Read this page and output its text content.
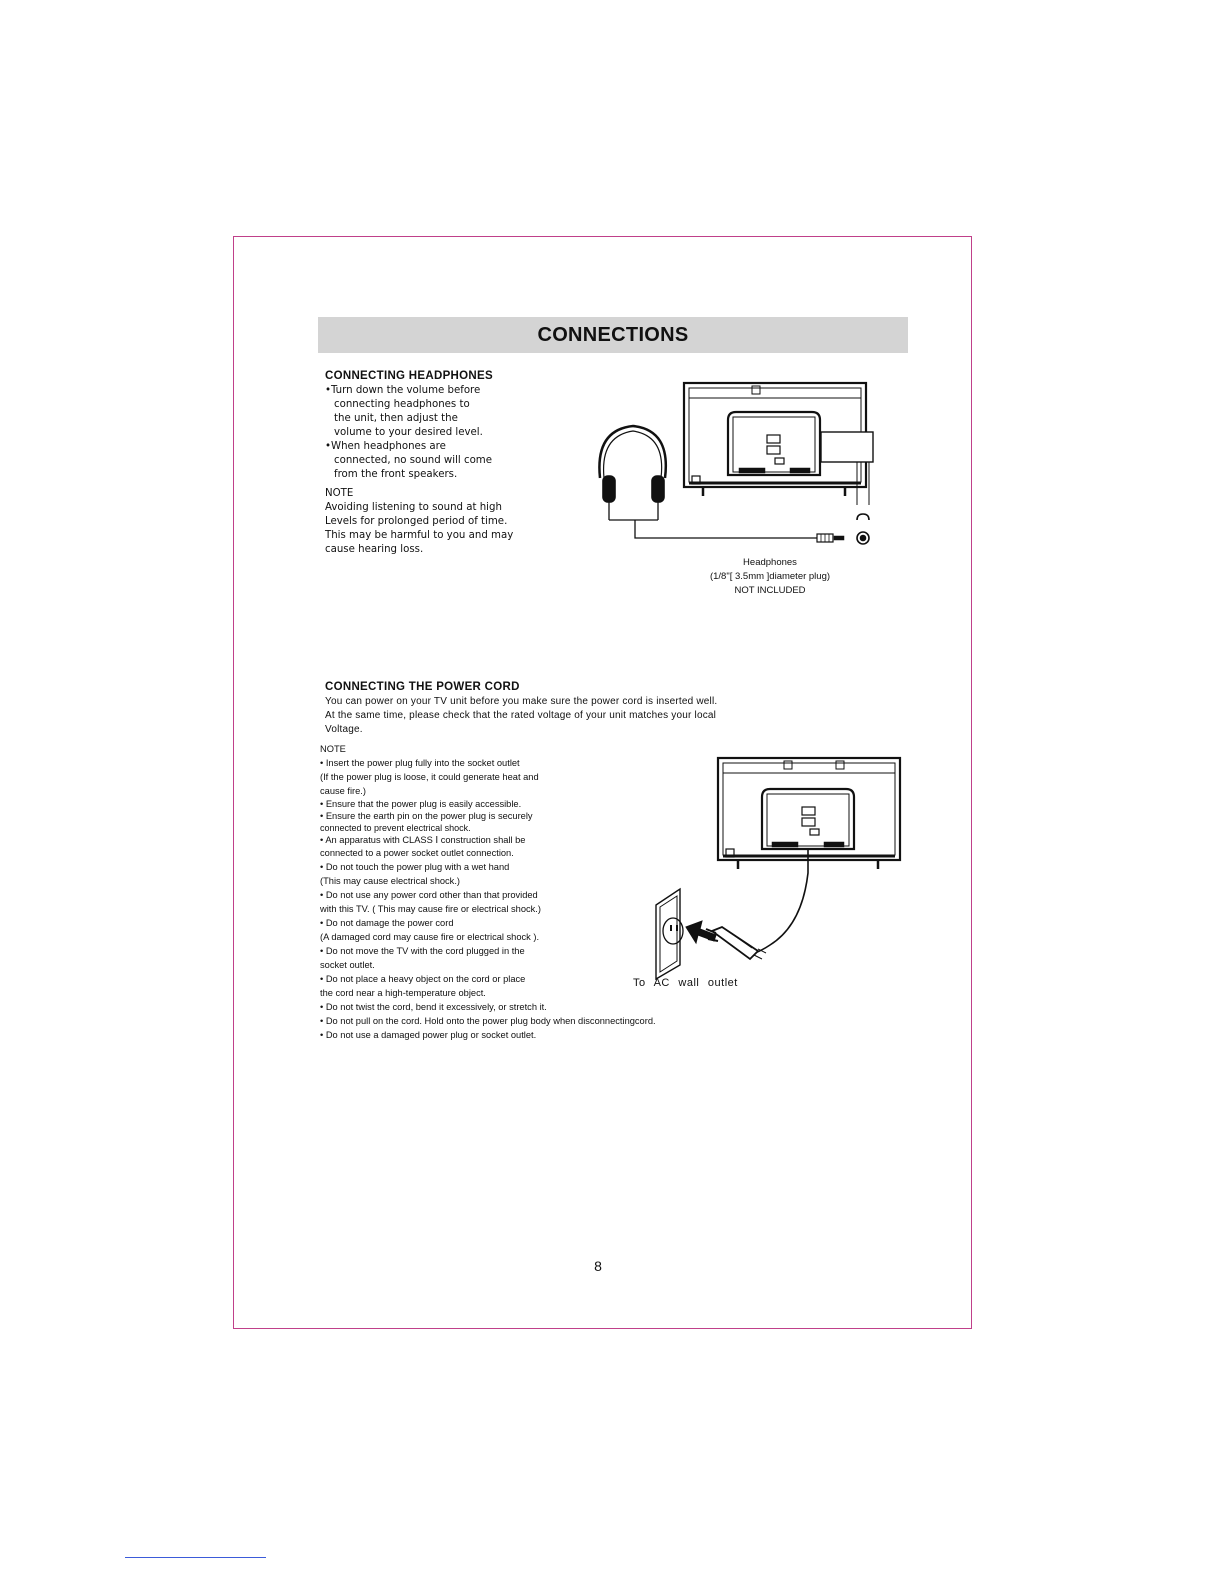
CONNECTIONS
CONNECTING HEADPHONES

•Turn down the volume before

connecting headphones to

the unit, then adjust the

volume to your desired level.

•When headphones are

connected, no sound will come

from the front speakers.

NOTE
Avoiding listening to sound at high
Levels for prolonged period of time.
This may be harmful to you and may
cause hearing loss.
Headphones
(1/8"[ 3.5mm ]diameter plug)
NOT INCLUDED
CONNECTING THE POWER CORD
You can power on your TV unit before you make sure the power cord is inserted well.
At the same time, please check that the rated voltage of your unit matches your local
Voltage.

NOTE

• Insert the power plug fully into the socket outlet

(If the power plug is loose, it could generate heat and

cause fire.)

• Ensure that the power plug is easily accessible.

• Ensure the earth pin on the power plug is securely

connected to prevent electrical shock.

• An apparatus with CLASS Ⅰ construction shall be

connected to a power socket outlet connection.

• Do not touch the power plug with a wet hand

(This may cause electrical shock.)

• Do not use any power cord other than that provided

with this TV. ( This may cause fire or electrical shock.)

• Do not damage the power cord

(A damaged cord may cause fire or electrical shock ).

• Do not move the TV with the cord plugged in the

socket outlet.

• Do not place a heavy object on the cord or place

the cord near a high-temperature object.

• Do not twist the cord, bend it excessively, or stretch it.

• Do not pull on the cord. Hold onto the power plug body when disconnectingcord.

• Do not use a damaged power plug or socket outlet.

To AC wall outlet
8
